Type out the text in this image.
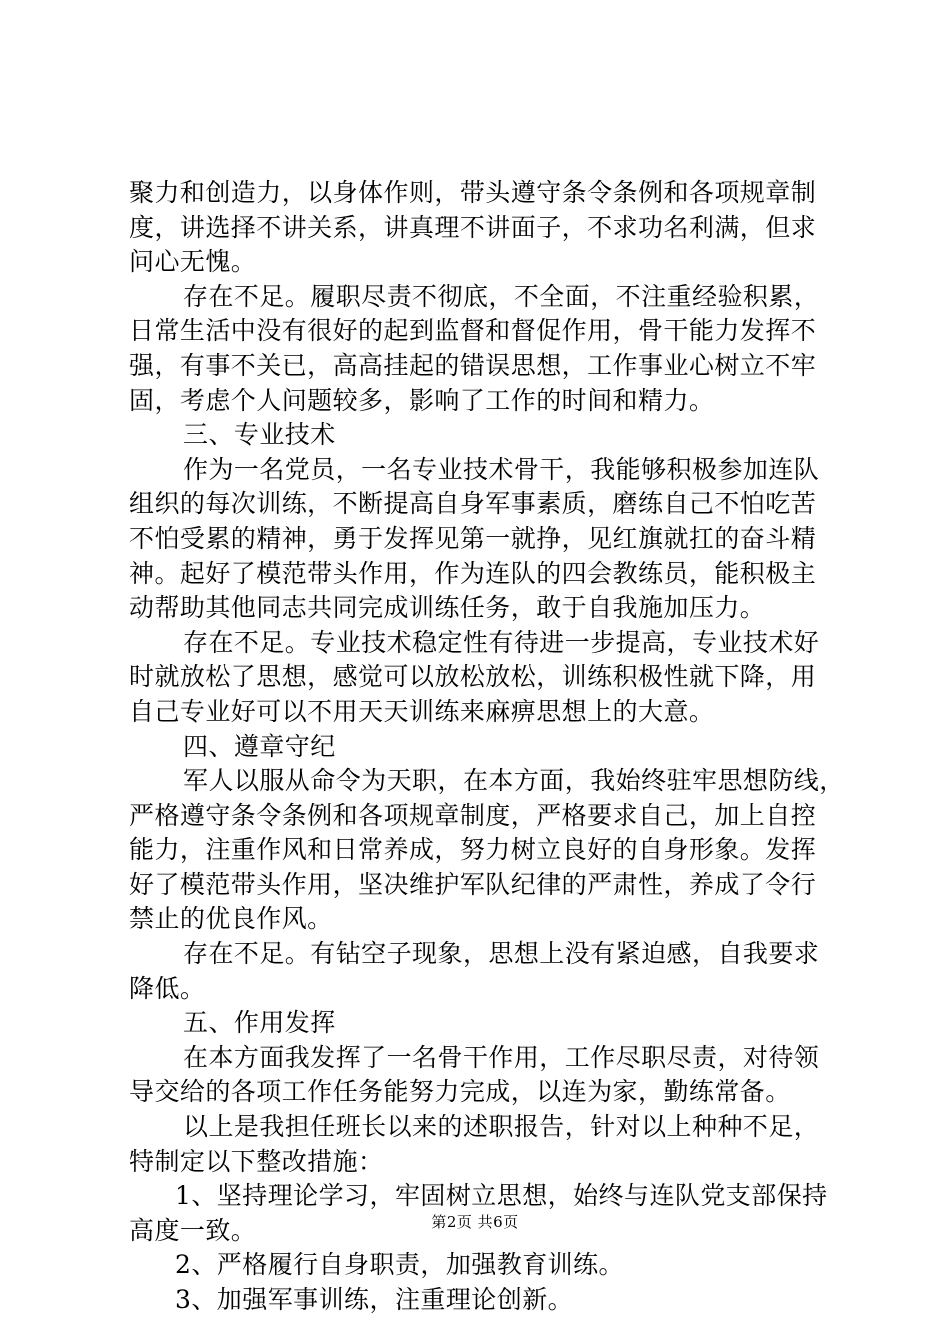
聚力和创造力，以身体作则，带头遵守条令条例和各项规章制
度，讲选择不讲关系，讲真理不讲面子，不求功名利满，但求
问心无愧。
存在不足。履职尽责不彻底，不全面，不注重经验积累，
日常生活中没有很好的起到监督和督促作用，骨干能力发挥不
强，有事不关已，高高挂起的错误思想，工作事业心树立不牢
固，考虑个人问题较多，影响了工作的时间和精力。
三、专业技术
作为一名党员，一名专业技术骨干，我能够积极参加连队
组织的每次训练，不断提高自身军事素质，磨练自己不怕吃苦
不怕受累的精神，勇于发挥见第一就挣，见红旗就扛的奋斗精
神。起好了模范带头作用，作为连队的四会教练员，能积极主
动帮助其他同志共同完成训练任务，敢于自我施加压力。
存在不足。专业技术稳定性有待进一步提高，专业技术好
时就放松了思想，感觉可以放松放松，训练积极性就下降，用
自己专业好可以不用天天训练来麻痹思想上的大意。
四、遵章守纪
军人以服从命令为天职，在本方面，我始终驻牢思想防线，
严格遵守条令条例和各项规章制度，严格要求自己，加上自控
能力，注重作风和日常养成，努力树立良好的自身形象。发挥
好了模范带头作用，坚决维护军队纪律的严肃性，养成了令行
禁止的优良作风。
存在不足。有钻空子现象，思想上没有紧迫感，自我要求
降低。
五、作用发挥
在本方面我发挥了一名骨干作用，工作尽职尽责，对待领
导交给的各项工作任务能努力完成，以连为家，勤练常备。
以上是我担任班长以来的述职报告，针对以上种种不足，
特制定以下整改措施：
1、坚持理论学习，牢固树立思想，始终与连队党支部保持
高度一致。
2、严格履行自身职责，加强教育训练。
3、加强军事训练，注重理论创新。
第2页 共6页
